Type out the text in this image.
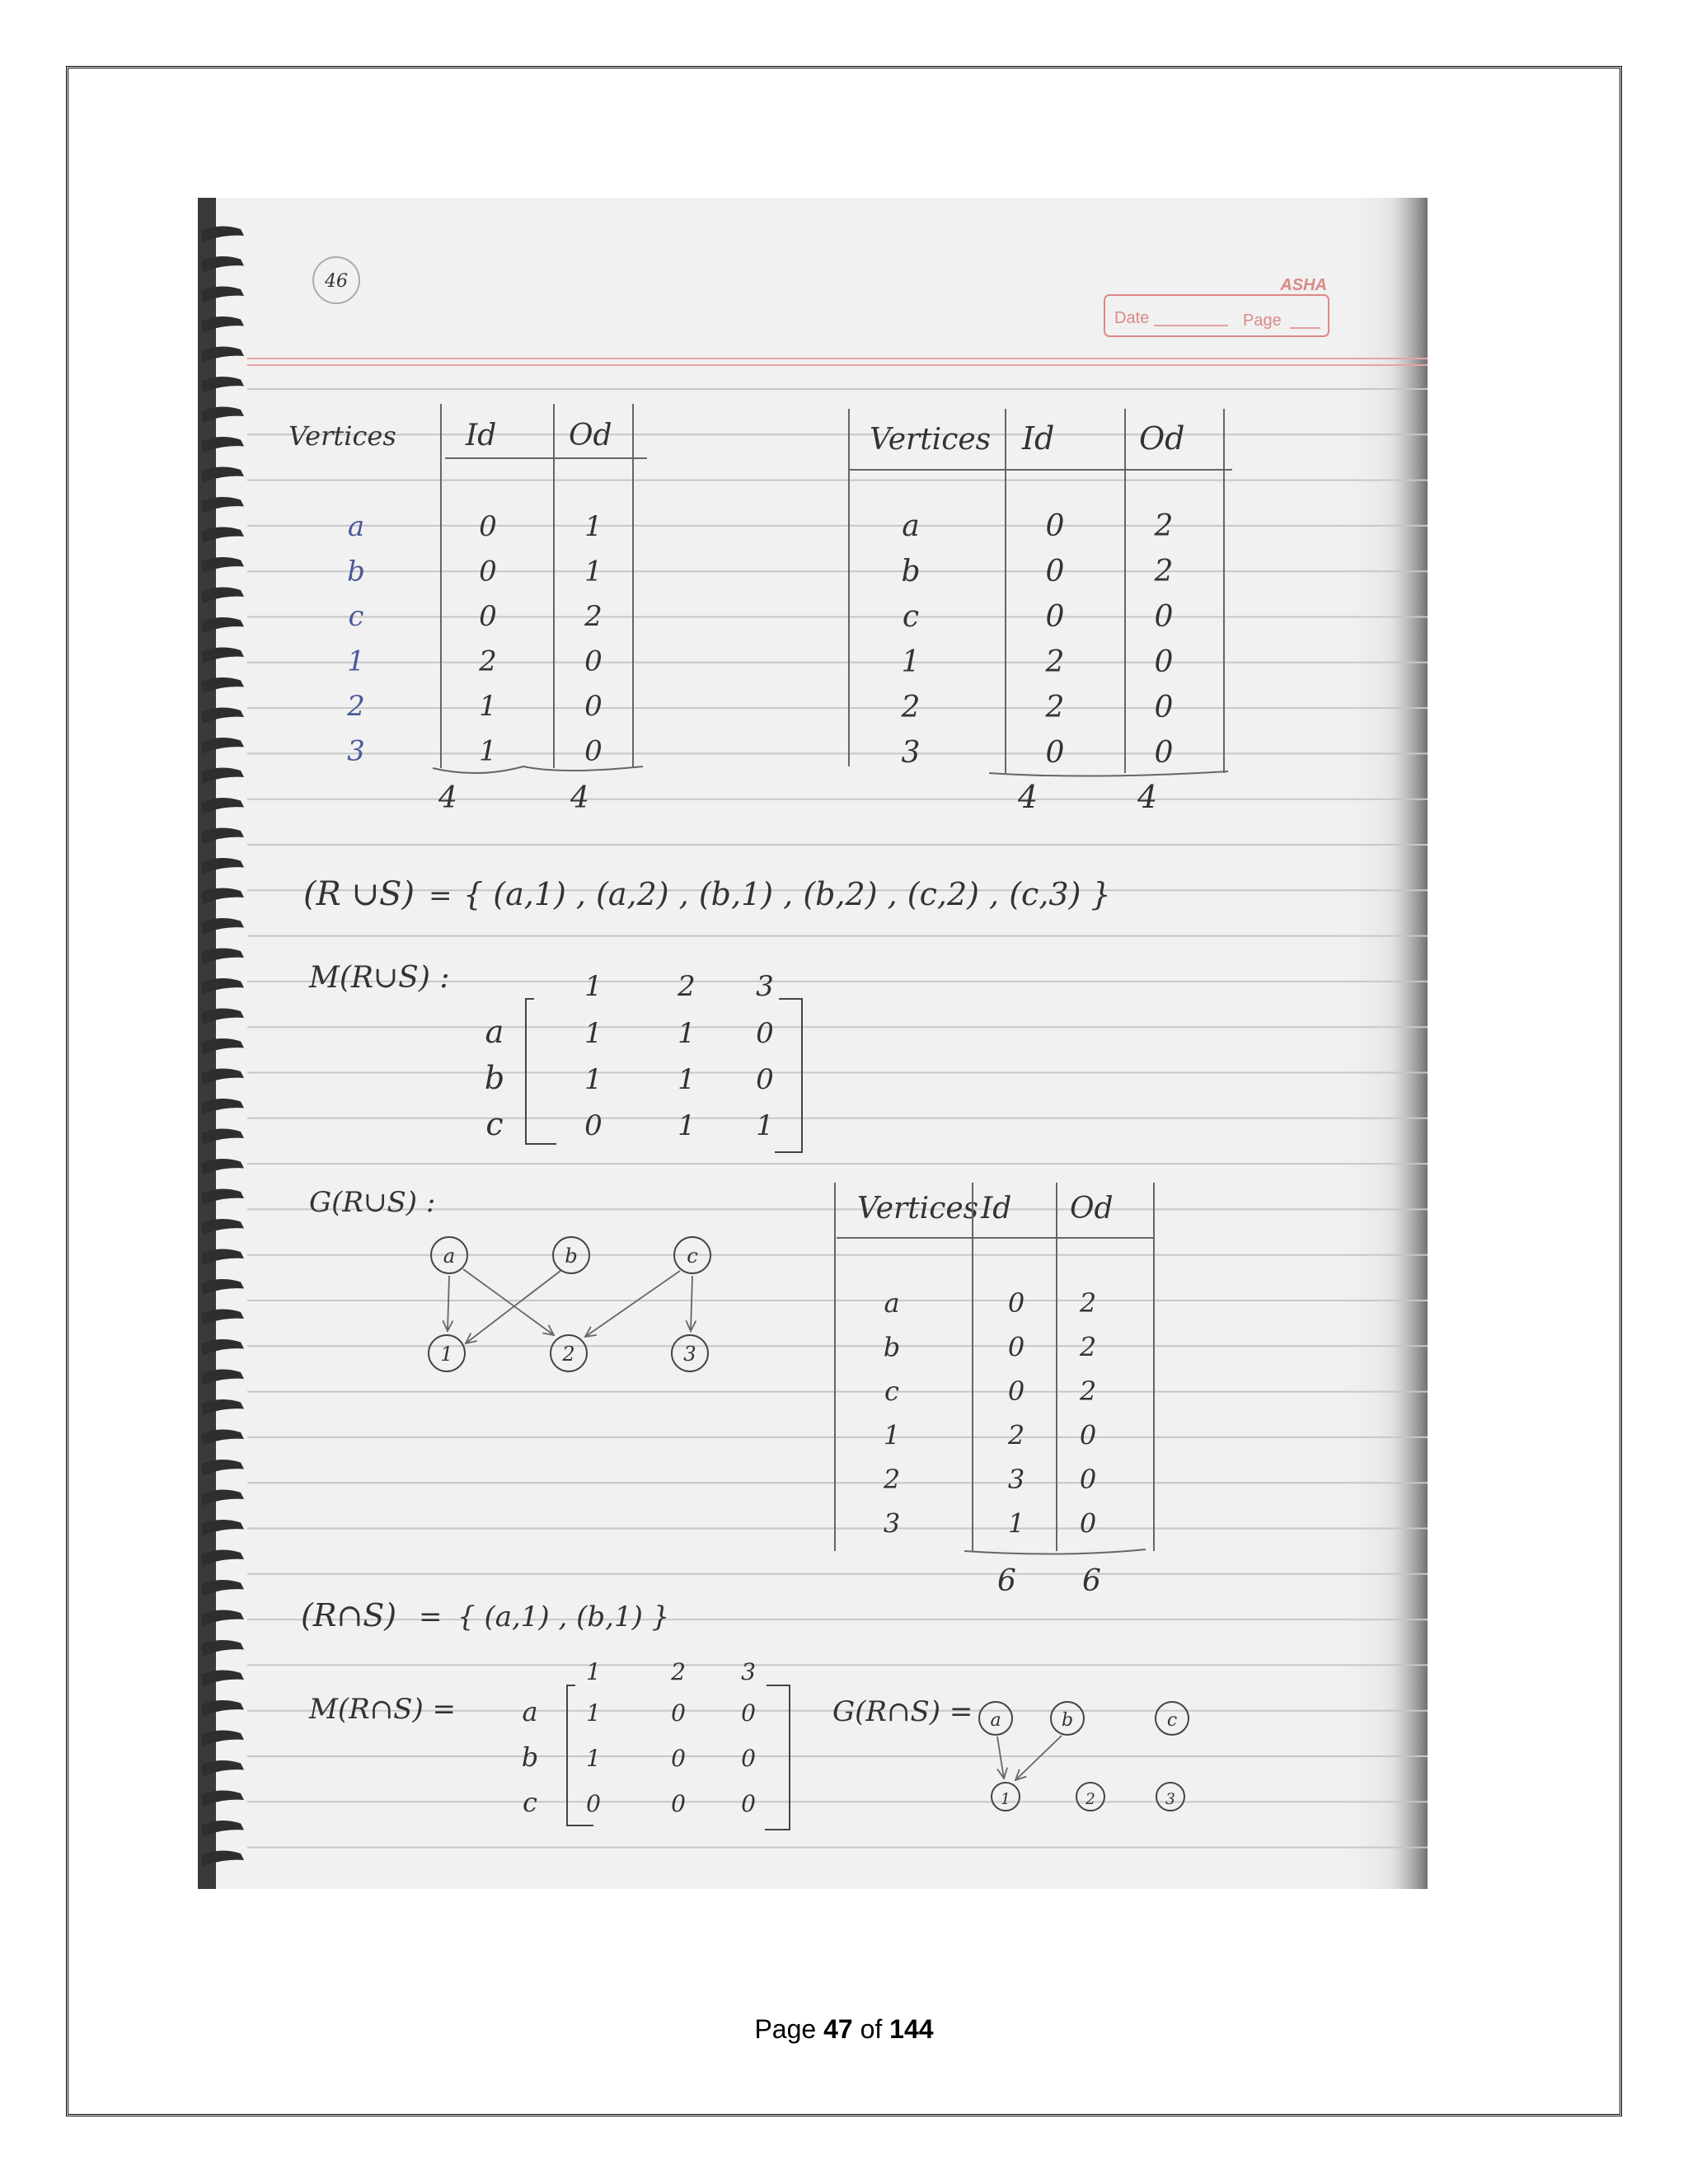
46	ASHA
Date	Page
Vertices Id Od
a	0	1
b	0	1
c	0	2
1	2	0
2	1	0
3	1	0
4	4
Vertices Id	Od
a	0	2
b	0	2
c	0	0
1	2	0
2	2	0
3	0	0
4	4
(R ∪S) = { (a,1) , (a,2) , (b,1) , (b,2) , (c,2) , (c,3) }
M(R∪S) :	1	2 3
a	1	1 0
b	1	1 0
c	0	1 1
G(R∪S) :
a	b	c
1	2	3
Vertices Id Od
a	0 2
b	0 2
c	0 2
1	2 0
2	3 0
3	1 0
6 6
(R∩S) = { (a,1) , (b,1) }
M(R∩S) =
1	2 3
a 1	0 0
b 1	0 0
c 0	0 0
G(R∩S) = a	b	c
1	2	3
Page 47 of 144
